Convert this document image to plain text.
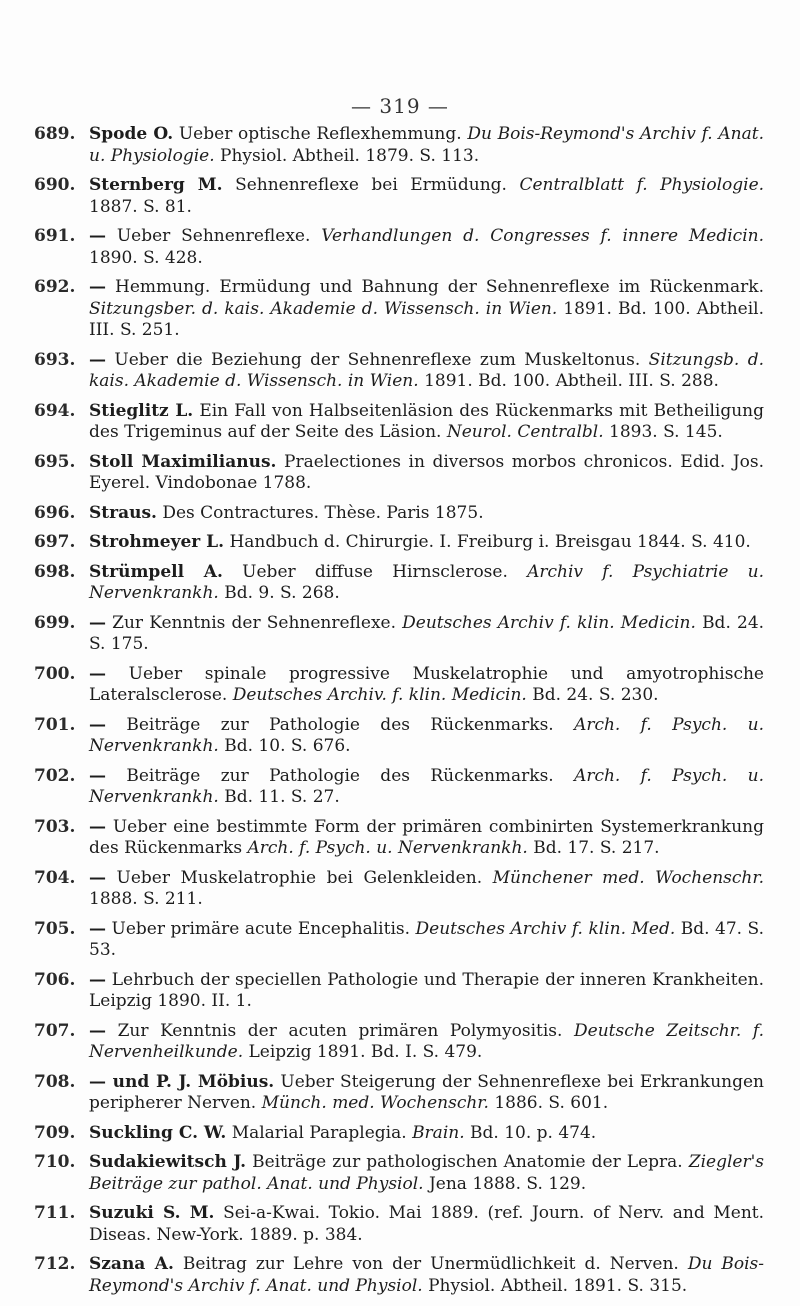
— 319 —
689. Spode O. Ueber optische Reflexhemmung. Du Bois-Reymond's Archiv f. Anat. u. Physiologie. Physiol. Abtheil. 1879. S. 113.
690. Sternberg M. Sehnenreflexe bei Ermüdung. Centralblatt f. Physiologie. 1887. S. 81.
691. — Ueber Sehnenreflexe. Verhandlungen d. Congresses f. innere Medicin. 1890. S. 428.
692. — Hemmung. Ermüdung und Bahnung der Sehnenreflexe im Rückenmark. Sitzungsber. d. kais. Akademie d. Wissensch. in Wien. 1891. Bd. 100. Abtheil. III. S. 251.
693. — Ueber die Beziehung der Sehnenreflexe zum Muskeltonus. Sitzungsb. d. kais. Akademie d. Wissensch. in Wien. 1891. Bd. 100. Abtheil. III. S. 288.
694. Stieglitz L. Ein Fall von Halbseitenläsion des Rückenmarks mit Betheiligung des Trigeminus auf der Seite des Läsion. Neurol. Centralbl. 1893. S. 145.
695. Stoll Maximilianus. Praelectiones in diversos morbos chronicos. Edid. Jos. Eyerel. Vindobonae 1788.
696. Straus. Des Contractures. Thèse. Paris 1875.
697. Strohmeyer L. Handbuch d. Chirurgie. I. Freiburg i. Breisgau 1844. S. 410.
698. Strümpell A. Ueber diffuse Hirnsclerose. Archiv f. Psychiatrie u. Nervenkrankh. Bd. 9. S. 268.
699. — Zur Kenntnis der Sehnenreflexe. Deutsches Archiv f. klin. Medicin. Bd. 24. S. 175.
700. — Ueber spinale progressive Muskelatrophie und amyotrophische Lateralsclerose. Deutsches Archiv. f. klin. Medicin. Bd. 24. S. 230.
701. — Beiträge zur Pathologie des Rückenmarks. Arch. f. Psych. u. Nervenkrankh. Bd. 10. S. 676.
702. — Beiträge zur Pathologie des Rückenmarks. Arch. f. Psych. u. Nervenkrankh. Bd. 11. S. 27.
703. — Ueber eine bestimmte Form der primären combinirten Systemerkrankung des Rückenmarks Arch. f. Psych. u. Nervenkrankh. Bd. 17. S. 217.
704. — Ueber Muskelatrophie bei Gelenkleiden. Münchener med. Wochenschr. 1888. S. 211.
705. — Ueber primäre acute Encephalitis. Deutsches Archiv f. klin. Med. Bd. 47. S. 53.
706. — Lehrbuch der speciellen Pathologie und Therapie der inneren Krankheiten. Leipzig 1890. II. 1.
707. — Zur Kenntnis der acuten primären Polymyositis. Deutsche Zeitschr. f. Nervenheilkunde. Leipzig 1891. Bd. I. S. 479.
708. — und P. J. Möbius. Ueber Steigerung der Sehnenreflexe bei Erkrankungen peripherer Nerven. Münch. med. Wochenschr. 1886. S. 601.
709. Suckling C. W. Malarial Paraplegia. Brain. Bd. 10. p. 474.
710. Sudakiewitsch J. Beiträge zur pathologischen Anatomie der Lepra. Ziegler's Beiträge zur pathol. Anat. und Physiol. Jena 1888. S. 129.
711. Suzuki S. M. Sei-a-Kwai. Tokio. Mai 1889. (ref. Journ. of Nerv. and Ment. Diseas. New-York. 1889. p. 384.
712. Szana A. Beitrag zur Lehre von der Unermüdlichkeit d. Nerven. Du Bois-Reymond's Archiv f. Anat. und Physiol. Physiol. Abtheil. 1891. S. 315.
